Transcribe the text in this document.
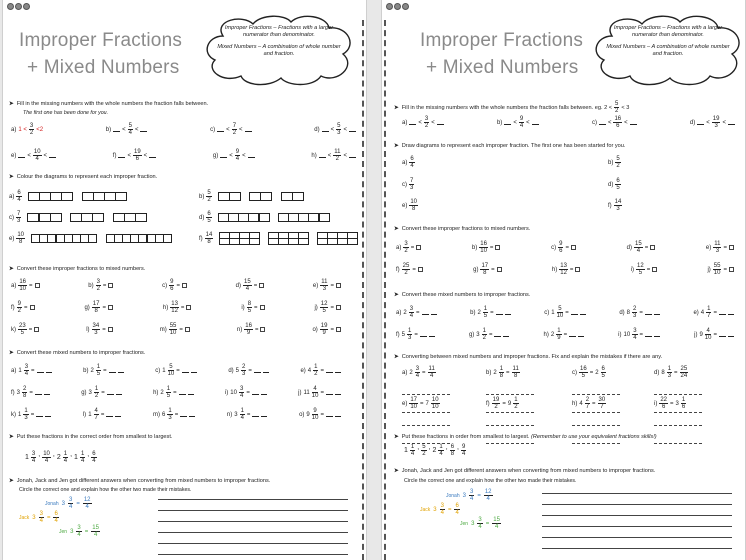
Improper Fractions
+ Mixed Numbers

Improper Fractions – Fractions with a larger numerator than denominator.

Mixed Numbers – A combination of whole number and fraction.

➤ Fill in the missing numbers with the whole numbers the fraction falls between.
The first one has been done for you.
a) $1 < \frac{3}{2} <2$	$b) < \frac{5}{4}$ <	$c) < \frac{7}{2}$ <	$d) < \frac{5}{3}$ <
$e) < \frac{10}{4}$ <	$f) < \frac{19}{6}$ <	$g) < \frac{9}{4}$ <	$h) < \frac{11}{2}$ <
➤ Colour the diagrams to represent each improper fraction.
$a) \frac{6}{4}$	$b) \frac{5}{2}$
$c) \frac{7}{3}$	$d) \frac{6}{5}$
$e) \frac{10}{8}$	$f) \frac{14}{8}$
➤ Convert these improper fractions to mixed numbers.
$a) \frac{16}{10}$ =	$b) \frac{3}{2}$ =	$c) \frac{9}{6}$ =	$d) \frac{15}{4}$ =	$e) \frac{11}{3}$ =
$f) \frac{9}{2}$ =	$g) \frac{17}{8}$ =	$h) \frac{13}{12}$ =	$i) \frac{8}{5}$ =	$j) \frac{12}{5}$ =
$k) \frac{23}{5}$ =	$l) \frac{34}{3}$ =	$m) \frac{55}{10}$ =	$n) \frac{16}{9}$ =	$o) \frac{19}{9}$ =
➤ Convert these mixed numbers to improper fractions.
a) $1 \frac{3}{4}$ =	b) $2 \frac{1}{5}$ =	c) $1 \frac{5}{10}$ =	d) $5 \frac{2}{3}$ =	e) $4 \frac{1}{2}$ =
f) $3 \frac{2}{8}$ =	g) $3 \frac{1}{2}$ =	h) $2 \frac{1}{5}$ =	i) $10 \frac{3}{4}$ =	j) $11 \frac{4}{10}$ =
k) $1 \frac{1}{3}$ =	l) $1 \frac{4}{7}$ =	m) $6 \frac{1}{3}$ =	n) $3 \frac{1}{4}$ =	o) $9 \frac{9}{10}$ =
➤ Put these fractions in the correct order from smallest to largest.
$1 \frac{3}{4}$ , $\frac{10}{4}$ , $2 \frac{1}{4}$ , $1 \frac{1}{4}$ , $\frac{6}{4}$
➤ Jonah, Jack and Jen got different answers when converting from mixed numbers to improper fractions.
Circle the correct one and explain how the other two made their mistakes.
Jonah $3 \frac{3}{4} = \frac{12}{4}$
Jack $3 \frac{3}{4} = \frac{6}{4}$
Jen $3 \frac{3}{4} = \frac{15}{4}$
Improper Fractions
+ Mixed Numbers

Improper Fractions – Fractions with a larger numerator than denominator.

Mixed Numbers – A combination of whole number and fraction.

➤ Fill in the missing numbers with the whole numbers the fraction falls between. eg. $2 < \frac{5}{2} < 3$
$a) < \frac{3}{2}$ <	$b) < \frac{9}{4}$ <	$c) < \frac{16}{6}$ <	$d) < \frac{19}{3}$ <
➤ Draw diagrams to represent each improper fraction. The first one has been started for you.
$a) \frac{6}{4}$	$b) \frac{5}{2}$
$c) \frac{7}{3}$	$d) \frac{6}{5}$
$e) \frac{10}{8}$	$f) \frac{14}{3}$
➤ Convert these improper fractions to mixed numbers.
$a) \frac{3}{2}$ =	$b) \frac{16}{10}$ =	$c) \frac{9}{6}$ =	$d) \frac{15}{4}$ =	$e) \frac{11}{3}$ =
$f) \frac{25}{2}$ =	$g) \frac{17}{8}$ =	$h) \frac{13}{12}$ =	$i) \frac{12}{5}$ =	$j) \frac{55}{10}$ =
➤ Convert these mixed numbers to improper fractions.
a) $2 \frac{3}{4}$ =	b) $2 \frac{1}{5}$ =	c) $1 \frac{5}{10}$ =	d) $8 \frac{2}{3}$ =	e) $4 \frac{1}{7}$ =
f) $5 \frac{1}{3}$ =	g) $3 \frac{1}{2}$ =	h) $2 \frac{1}{9}$ =	i) $10 \frac{3}{4}$ =	j) $9 \frac{4}{10}$ =
➤ Converting between mixed numbers and improper fractions. Fix and explain the mistakes if there are any.
a) $2 \frac{3}{4} = \frac{11}{4}$	b) $2 \frac{1}{8} = \frac{11}{8}$	$c) \frac{16}{5} = 2 \frac{6}{5}$	d) $8 \frac{1}{3} = \frac{25}{24}$
$e) \frac{17}{10} = 7 \frac{10}{10}$	$f) \frac{19}{2} = 9 \frac{1}{2}$	h) $4 \frac{2}{7} = \frac{30}{7}$	$i) \frac{22}{6} = 3 \frac{1}{6}$
➤ Put these fractions in order from smallest to largest. (Remember to use your equivalent fractions skills!)
$1 \frac{1}{4}$ , $\frac{5}{2}$ , $2 \frac{1}{4}$ , $\frac{6}{8}$ , $\frac{9}{4}$
➤ Jonah, Jack and Jen got different answers when converting from mixed numbers to improper fractions.
Circle the correct one and explain how the other two made their mistakes.
Jonah $3 \frac{3}{4} = \frac{12}{4}$
Jack $3 \frac{3}{4} = \frac{6}{4}$
Jen $3 \frac{3}{4} = \frac{15}{4}$
